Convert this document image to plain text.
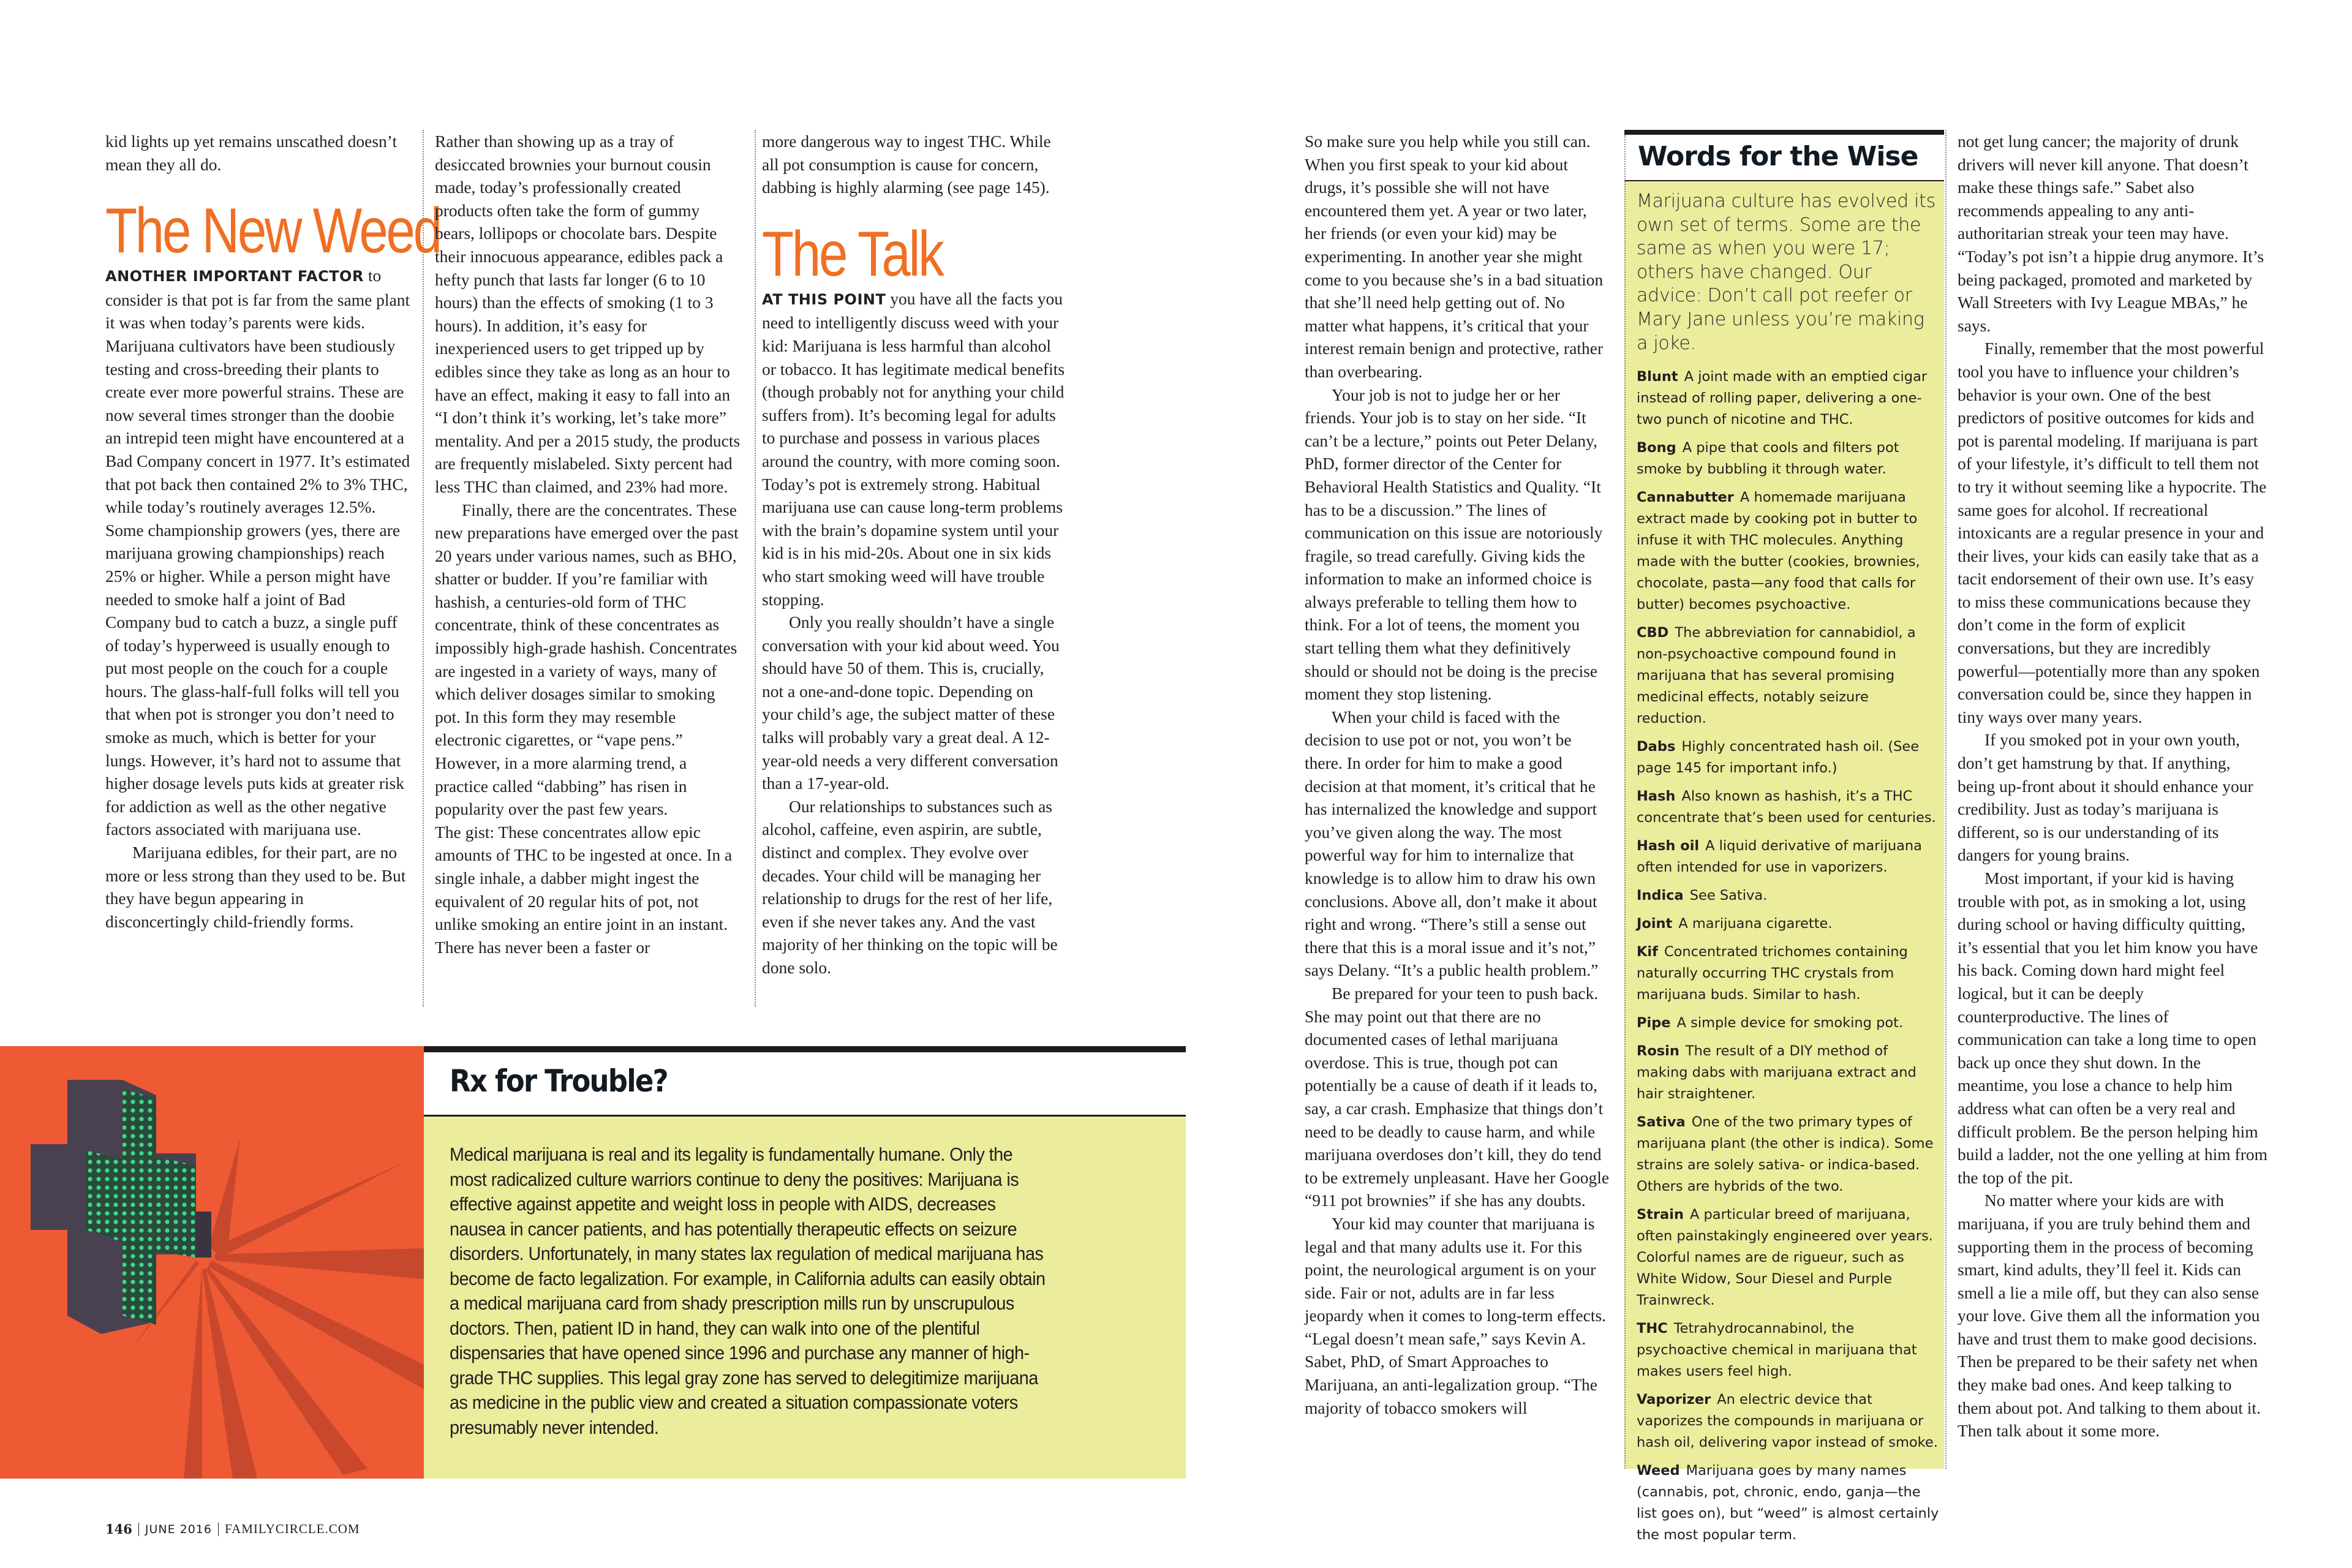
kid lights up yet remains unscathed doesn’t mean they all do.

The New Weed

ANOTHER IMPORTANT FACTOR to consider is that pot is far from the same plant it was when today’s parents were kids. Marijuana cultivators have been studiously testing and cross-breeding their plants to create ever more powerful strains. These are now several times stronger than the doobie an intrepid teen might have encountered at a Bad Company concert in 1977. It’s estimated that pot back then contained 2% to 3% THC, while today’s routinely averages 12.5%. Some championship growers (yes, there are marijuana growing championships) reach 25% or higher. While a person might have needed to smoke half a joint of Bad Company bud to catch a buzz, a single puff of today’s hyperweed is usually enough to put most people on the couch for a couple hours. The glass-half-full folks will tell you that when pot is stronger you don’t need to smoke as much, which is better for your lungs. However, it’s hard not to assume that higher dosage levels puts kids at greater risk for addiction as well as the other negative factors associated with marijuana use.

Marijuana edibles, for their part, are no more or less strong than they used to be. But they have begun appearing in disconcertingly child-friendly forms.

Rather than showing up as a tray of desiccated brownies your burnout cousin made, today’s professionally created products often take the form of gummy bears, lollipops or chocolate bars. Despite their innocuous appearance, edibles pack a hefty punch that lasts far longer (6 to 10 hours) than the effects of smoking (1 to 3 hours). In addition, it’s easy for inexperienced users to get tripped up by edibles since they take as long as an hour to have an effect, making it easy to fall into an “I don’t think it’s working, let’s take more” mentality. And per a 2015 study, the products are frequently mislabeled. Sixty percent had less THC than claimed, and 23% had more.

Finally, there are the concentrates. These new preparations have emerged over the past 20 years under various names, such as BHO, shatter or budder. If you’re familiar with hashish, a centuries-old form of THC concentrate, think of these concentrates as impossibly high-grade hashish. Concentrates are ingested in a variety of ways, many of which deliver dosages similar to smoking pot. In this form they may resemble electronic cigarettes, or “vape pens.” However, in a more alarming trend, a practice called “dabbing” has risen in popularity over the past few years.

The gist: These concentrates allow epic amounts of THC to be ingested at once. In a single inhale, a dabber might ingest the equivalent of 20 regular hits of pot, not unlike smoking an entire joint in an instant. There has never been a faster or

more dangerous way to ingest THC. While all pot consumption is cause for concern, dabbing is highly alarming (see page 145).

The Talk

AT THIS POINT you have all the facts you need to intelligently discuss weed with your kid: Marijuana is less harmful than alcohol or tobacco. It has legitimate medical benefits (though probably not for anything your child suffers from). It’s becoming legal for adults to purchase and possess in various places around the country, with more coming soon. Today’s pot is extremely strong. Habitual marijuana use can cause long-term problems with the brain’s dopamine system until your kid is in his mid-20s. About one in six kids who start smoking weed will have trouble stopping.

Only you really shouldn’t have a single conversation with your kid about weed. You should have 50 of them. This is, crucially, not a one-and-done topic. Depending on your child’s age, the subject matter of these talks will probably vary a great deal. A 12-year-old needs a very different conversation than a 17-year-old.

Our relationships to substances such as alcohol, caffeine, even aspirin, are subtle, distinct and complex. They evolve over decades. Your child will be managing her relationship to drugs for the rest of her life, even if she never takes any. And the vast majority of her thinking on the topic will be done solo.

Rx for Trouble?
Medical marijuana is real and its legality is fundamentally humane. Only the most radicalized culture warriors continue to deny the positives: Marijuana is effective against appetite and weight loss in people with AIDS, decreases nausea in cancer patients, and has potentially therapeutic effects on seizure disorders. Unfortunately, in many states lax regulation of medical marijuana has become de facto legalization. For example, in California adults can easily obtain a medical marijuana card from shady prescription mills run by unscrupulous doctors. Then, patient ID in hand, they can walk into one of the plentiful dispensaries that have opened since 1996 and purchase any manner of high-grade THC supplies. This legal gray zone has served to delegitimize marijuana as medicine in the public view and created a situation compassionate voters presumably never intended.
146 JUNE 2016 FAMILYCIRCLE.COM

So make sure you help while you still can. When you first speak to your kid about drugs, it’s possible she will not have encountered them yet. A year or two later, her friends (or even your kid) may be experimenting. In another year she might come to you because she’s in a bad situation that she’ll need help getting out of. No matter what happens, it’s critical that your interest remain benign and protective, rather than overbearing.

Your job is not to judge her or her friends. Your job is to stay on her side. “It can’t be a lecture,” points out Peter Delany, PhD, former director of the Center for Behavioral Health Statistics and Quality. “It has to be a discussion.” The lines of communication on this issue are notoriously fragile, so tread carefully. Giving kids the information to make an informed choice is always preferable to telling them how to think. For a lot of teens, the moment you start telling them what they definitively should or should not be doing is the precise moment they stop listening.

When your child is faced with the decision to use pot or not, you won’t be there. In order for him to make a good decision at that moment, it’s critical that he has internalized the knowledge and support you’ve given along the way. The most powerful way for him to internalize that knowledge is to allow him to draw his own conclusions. Above all, don’t make it about right and wrong. “There’s still a sense out there that this is a moral issue and it’s not,” says Delany. “It’s a public health problem.”

Be prepared for your teen to push back. She may point out that there are no documented cases of lethal marijuana overdose. This is true, though pot can potentially be a cause of death if it leads to, say, a car crash. Emphasize that things don’t need to be deadly to cause harm, and while marijuana overdoses don’t kill, they do tend to be extremely unpleasant. Have her Google “911 pot brownies” if she has any doubts.

Your kid may counter that marijuana is legal and that many adults use it. For this point, the neurological argument is on your side. Fair or not, adults are in far less jeopardy when it comes to long-term effects. “Legal doesn’t mean safe,” says Kevin A. Sabet, PhD, of Smart Approaches to Marijuana, an anti-legalization group. “The majority of tobacco smokers will

Words for the Wise
Marijuana culture has evolved its own set of terms. Some are the same as when you were 17; others have changed. Our advice: Don’t call pot reefer or Mary Jane unless you’re making a joke.
Blunt A joint made with an emptied cigar instead of rolling paper, delivering a one-two punch of nicotine and THC.
Bong A pipe that cools and filters pot smoke by bubbling it through water.
Cannabutter A homemade marijuana extract made by cooking pot in butter to infuse it with THC molecules. Anything made with the butter (cookies, brownies, chocolate, pasta—any food that calls for butter) becomes psychoactive.
CBD The abbreviation for cannabidiol, a non-psychoactive compound found in marijuana that has several promising medicinal effects, notably seizure reduction.
Dabs Highly concentrated hash oil. (See page 145 for important info.)
Hash Also known as hashish, it’s a THC concentrate that’s been used for centuries.
Hash oil A liquid derivative of marijuana often intended for use in vaporizers.
Indica See Sativa.
Joint A marijuana cigarette.
Kif Concentrated trichomes containing naturally occurring THC crystals from marijuana buds. Similar to hash.
Pipe A simple device for smoking pot.
Rosin The result of a DIY method of making dabs with marijuana extract and hair straightener.
Sativa One of the two primary types of marijuana plant (the other is indica). Some strains are solely sativa- or indica-based. Others are hybrids of the two.
Strain A particular breed of marijuana, often painstakingly engineered over years. Colorful names are de rigueur, such as White Widow, Sour Diesel and Purple Trainwreck.
THC Tetrahydrocannabinol, the psychoactive chemical in marijuana that makes users feel high.
Vaporizer An electric device that vaporizes the compounds in marijuana or hash oil, delivering vapor instead of smoke.
Weed Marijuana goes by many names (cannabis, pot, chronic, endo, ganja—the list goes on), but “weed” is almost certainly the most popular term.

not get lung cancer; the majority of drunk drivers will never kill anyone. That doesn’t make these things safe.” Sabet also recommends appealing to any anti-authoritarian streak your teen may have. “Today’s pot isn’t a hippie drug anymore. It’s being packaged, promoted and marketed by Wall Streeters with Ivy League MBAs,” he says.

Finally, remember that the most powerful tool you have to influence your children’s behavior is your own. One of the best predictors of positive outcomes for kids and pot is parental modeling. If marijuana is part of your lifestyle, it’s difficult to tell them not to try it without seeming like a hypocrite. The same goes for alcohol. If recreational intoxicants are a regular presence in your and their lives, your kids can easily take that as a tacit endorsement of their own use. It’s easy to miss these communications because they don’t come in the form of explicit conversations, but they are incredibly powerful—potentially more than any spoken conversation could be, since they happen in tiny ways over many years.

If you smoked pot in your own youth, don’t get hamstrung by that. If anything, being up-front about it should enhance your credibility. Just as today’s marijuana is different, so is our understanding of its dangers for young brains.

Most important, if your kid is having trouble with pot, as in smoking a lot, using during school or having difficulty quitting, it’s essential that you let him know you have his back. Coming down hard might feel logical, but it can be deeply counterproductive. The lines of communication can take a long time to open back up once they shut down. In the meantime, you lose a chance to help him address what can often be a very real and difficult problem. Be the person helping him build a ladder, not the one yelling at him from the top of the pit.

No matter where your kids are with marijuana, if you are truly behind them and supporting them in the process of becoming smart, kind adults, they’ll feel it. Kids can smell a lie a mile off, but they can also sense your love. Give them all the information you have and trust them to make good decisions. Then be prepared to be their safety net when they make bad ones. And keep talking to them about pot. And talking to them about it. Then talk about it some more.
